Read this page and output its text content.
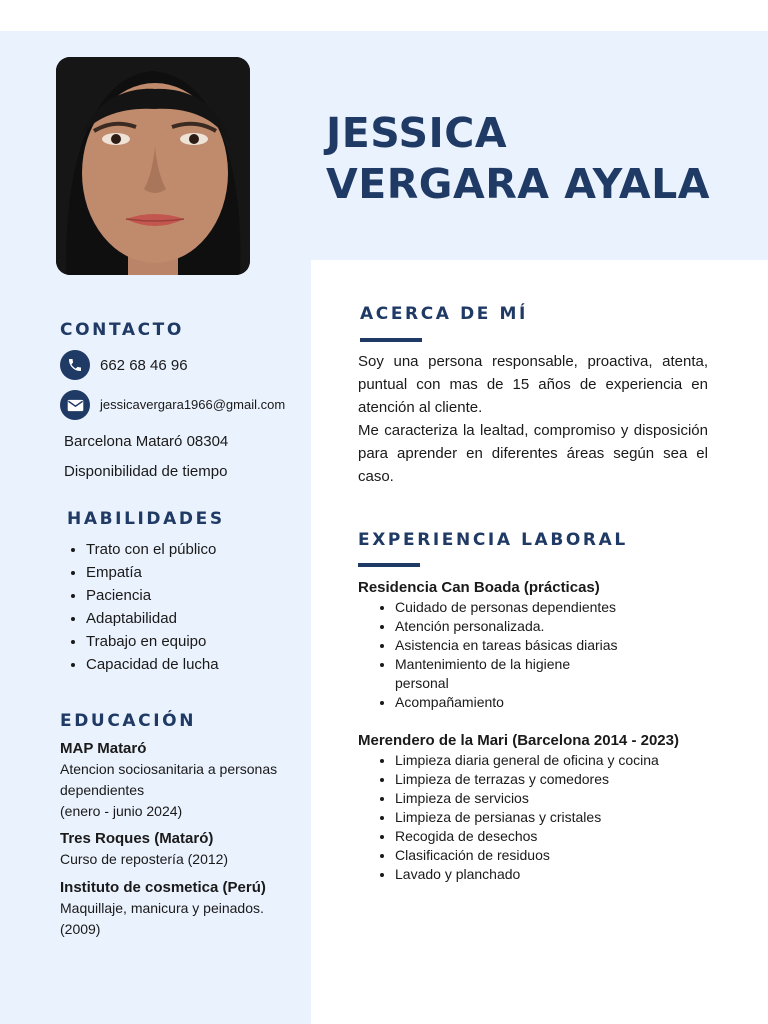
JESSICA
VERGARA AYALA
CONTACTO
662 68 46 96
jessicavergara1966@gmail.com
Barcelona Mataró 08304
Disponibilidad de tiempo
HABILIDADES
• Trato con el público
• Empatía
• Paciencia
• Adaptabilidad
• Trabajo en equipo
• Capacidad de lucha
EDUCACIÓN
MAP Mataró
Atencion sociosanitaria a personas dependientes
(enero - junio 2024)
Tres Roques (Mataró)
Curso de repostería (2012)
Instituto de cosmetica (Perú)
Maquillaje, manicura y peinados. (2009)
ACERCA DE MÍ

Soy una persona responsable, proactiva, atenta, puntual con mas de 15 años de experiencia en atención al cliente.

Me caracteriza la lealtad, compromiso y disposición para aprender en diferentes áreas según sea el caso.

EXPERIENCIA LABORAL
Residencia Can Boada (prácticas)
• Cuidado de personas dependientes
• Atención personalizada.
• Asistencia en tareas básicas diarias
• Mantenimiento de la higiene personal
• Acompañamiento
Merendero de la Mari (Barcelona 2014 - 2023)
• Limpieza diaria general de oficina y cocina
• Limpieza de terrazas y comedores
• Limpieza de servicios
• Limpieza de persianas y cristales
• Recogida de desechos
• Clasificación de residuos
• Lavado y planchado
